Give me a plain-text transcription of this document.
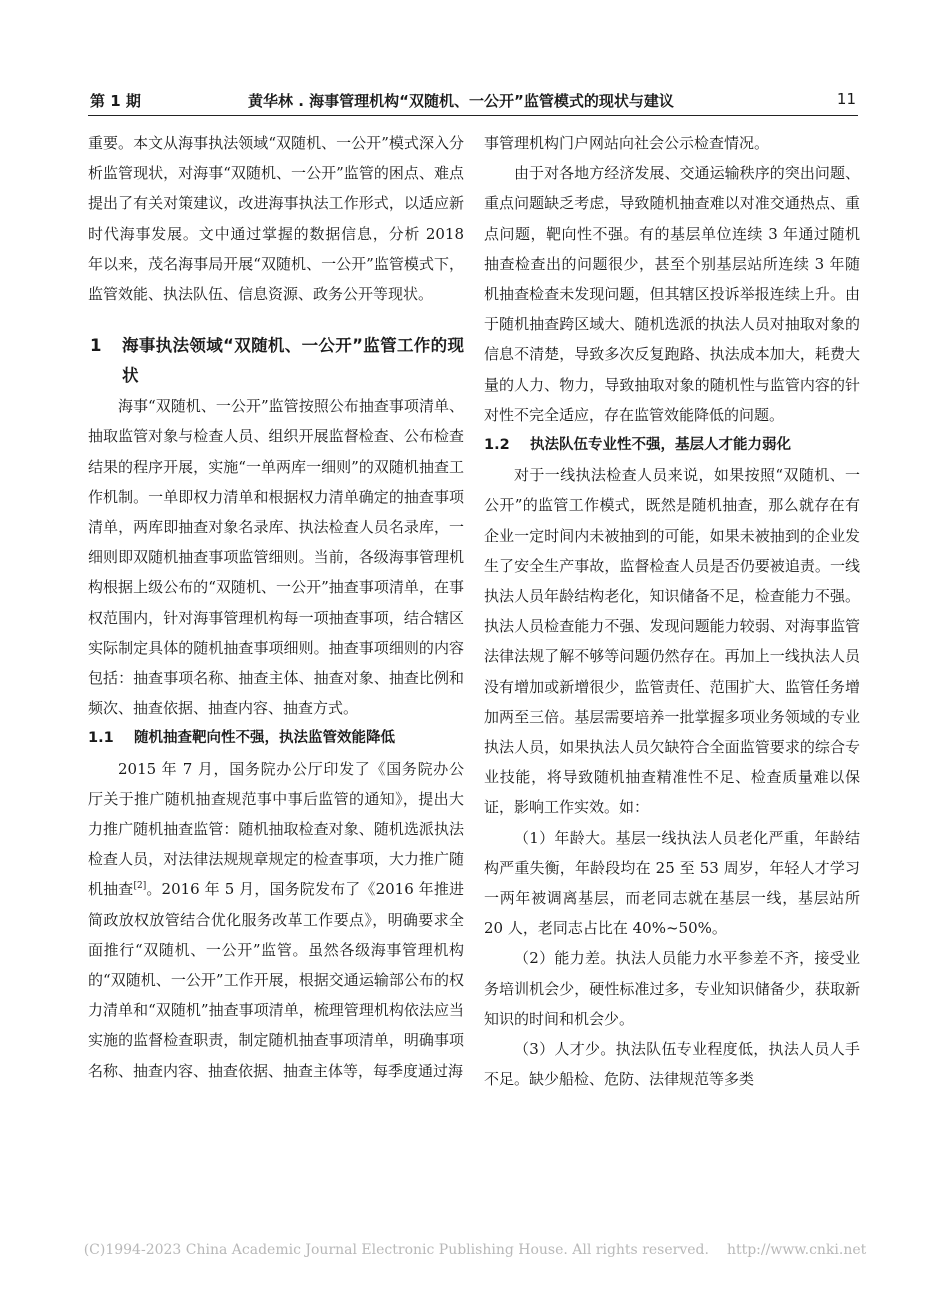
第 1 期	黄华林 . 海事管理机构“双随机、一公开”监管模式的现状与建议	11

重要。本文从海事执法领域“双随机、一公开”模式深入分析监管现状，对海事“双随机、一公开”监管的困点、难点提出了有关对策建议，改进海事执法工作形式，以适应新时代海事发展。文中通过掌握的数据信息，分析 2018 年以来，茂名海事局开展“双随机、一公开”监管模式下，监管效能、执法队伍、信息资源、政务公开等现状。

1	海事执法领域“双随机、一公开”监管工作的现状

海事“双随机、一公开”监管按照公布抽查事项清单、抽取监管对象与检查人员、组织开展监督检查、公布检查结果的程序开展，实施“一单两库一细则”的双随机抽查工作机制。一单即权力清单和根据权力清单确定的抽查事项清单，两库即抽查对象名录库、执法检查人员名录库，一细则即双随机抽查事项监管细则。当前，各级海事管理机构根据上级公布的“双随机、一公开”抽查事项清单，在事权范围内，针对海事管理机构每一项抽查事项，结合辖区实际制定具体的随机抽查事项细则。抽查事项细则的内容包括：抽查事项名称、抽查主体、抽查对象、抽查比例和频次、抽查依据、抽查内容、抽查方式。

1.1	随机抽查靶向性不强，执法监管效能降低

2015 年 7 月，国务院办公厅印发了《国务院办公厅关于推广随机抽查规范事中事后监管的通知》，提出大力推广随机抽查监管：随机抽取检查对象、随机选派执法检查人员，对法律法规规章规定的检查事项，大力推广随机抽查[2]。2016 年 5 月，国务院发布了《2016 年推进简政放权放管结合优化服务改革工作要点》，明确要求全面推行“双随机、一公开”监管。虽然各级海事管理机构的“双随机、一公开”工作开展，根据交通运输部公布的权力清单和“双随机”抽查事项清单，梳理管理机构依法应当实施的监督检查职责，制定随机抽查事项清单，明确事项名称、抽查内容、抽查依据、抽查主体等，每季度通过海

事管理机构门户网站向社会公示检查情况。

由于对各地方经济发展、交通运输秩序的突出问题、重点问题缺乏考虑，导致随机抽查难以对准交通热点、重点问题，靶向性不强。有的基层单位连续 3 年通过随机抽查检查出的问题很少，甚至个别基层站所连续 3 年随机抽查检查未发现问题，但其辖区投诉举报连续上升。由于随机抽查跨区域大、随机选派的执法人员对抽取对象的信息不清楚，导致多次反复跑路、执法成本加大，耗费大量的人力、物力，导致抽取对象的随机性与监管内容的针对性不完全适应，存在监管效能降低的问题。

1.2	执法队伍专业性不强，基层人才能力弱化

对于一线执法检查人员来说，如果按照“双随机、一公开”的监管工作模式，既然是随机抽查，那么就存在有企业一定时间内未被抽到的可能，如果未被抽到的企业发生了安全生产事故，监督检查人员是否仍要被追责。一线执法人员年龄结构老化，知识储备不足，检查能力不强。执法人员检查能力不强、发现问题能力较弱、对海事监管法律法规了解不够等问题仍然存在。再加上一线执法人员没有增加或新增很少，监管责任、范围扩大、监管任务增加两至三倍。基层需要培养一批掌握多项业务领域的专业执法人员，如果执法人员欠缺符合全面监管要求的综合专业技能，将导致随机抽查精准性不足、检查质量难以保证，影响工作实效。如：

（1）年龄大。基层一线执法人员老化严重，年龄结构严重失衡，年龄段均在 25 至 53 周岁，年轻人才学习一两年被调离基层，而老同志就在基层一线，基层站所 20 人，老同志占比在 40%~50%。

（2）能力差。执法人员能力水平参差不齐，接受业务培训机会少，硬性标准过多，专业知识储备少，获取新知识的时间和机会少。

（3）人才少。执法队伍专业程度低，执法人员人手不足。缺少船检、危防、法律规范等多类

(C)1994-2023 China Academic Journal Electronic Publishing House. All rights reserved. http://www.cnki.net
